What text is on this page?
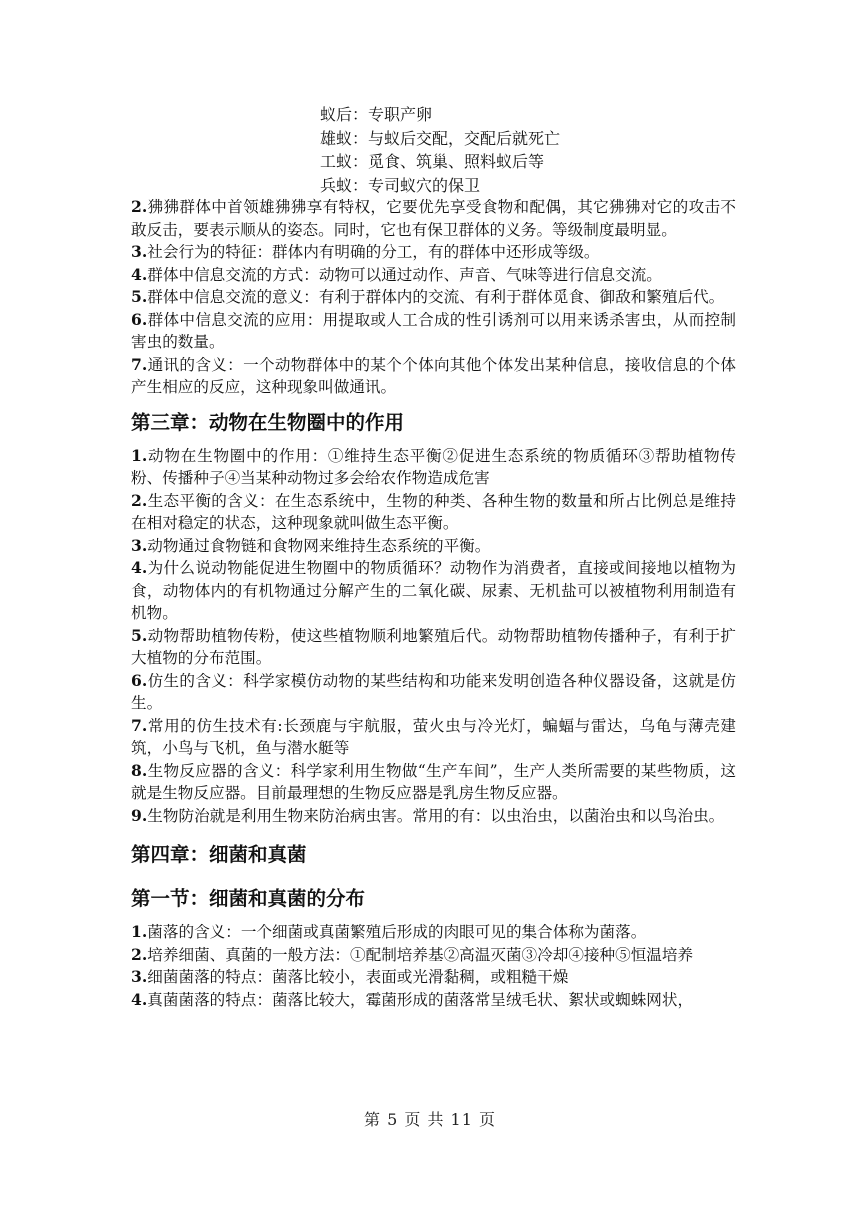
蚁后：专职产卵
雄蚁：与蚁后交配，交配后就死亡
工蚁：觅食、筑巢、照料蚁后等
兵蚁：专司蚁穴的保卫

2.狒狒群体中首领雄狒狒享有特权，它要优先享受食物和配偶，其它狒狒对它的攻击不敢反击，要表示顺从的姿态。同时，它也有保卫群体的义务。等级制度最明显。

3.社会行为的特征：群体内有明确的分工，有的群体中还形成等级。

4.群体中信息交流的方式：动物可以通过动作、声音、气味等进行信息交流。

5.群体中信息交流的意义：有利于群体内的交流、有利于群体觅食、御敌和繁殖后代。

6.群体中信息交流的应用：用提取或人工合成的性引诱剂可以用来诱杀害虫，从而控制害虫的数量。

7.通讯的含义：一个动物群体中的某个个体向其他个体发出某种信息，接收信息的个体产生相应的反应，这种现象叫做通讯。

第三章：动物在生物圈中的作用

1.动物在生物圈中的作用：①维持生态平衡②促进生态系统的物质循环③帮助植物传粉、传播种子④当某种动物过多会给农作物造成危害

2.生态平衡的含义：在生态系统中，生物的种类、各种生物的数量和所占比例总是维持在相对稳定的状态，这种现象就叫做生态平衡。

3.动物通过食物链和食物网来维持生态系统的平衡。

4.为什么说动物能促进生物圈中的物质循环？动物作为消费者，直接或间接地以植物为食，动物体内的有机物通过分解产生的二氧化碳、尿素、无机盐可以被植物利用制造有机物。

5.动物帮助植物传粉，使这些植物顺利地繁殖后代。动物帮助植物传播种子，有利于扩大植物的分布范围。

6.仿生的含义：科学家模仿动物的某些结构和功能来发明创造各种仪器设备，这就是仿生。

7.常用的仿生技术有:长颈鹿与宇航服，萤火虫与冷光灯，蝙蝠与雷达，乌龟与薄壳建筑，小鸟与飞机，鱼与潜水艇等

8.生物反应器的含义：科学家利用生物做“生产车间”，生产人类所需要的某些物质，这就是生物反应器。目前最理想的生物反应器是乳房生物反应器。

9.生物防治就是利用生物来防治病虫害。常用的有：以虫治虫，以菌治虫和以鸟治虫。

第四章：细菌和真菌
第一节：细菌和真菌的分布

1.菌落的含义：一个细菌或真菌繁殖后形成的肉眼可见的集合体称为菌落。

2.培养细菌、真菌的一般方法：①配制培养基②高温灭菌③冷却④接种⑤恒温培养

3.细菌菌落的特点：菌落比较小，表面或光滑黏稠，或粗糙干燥

4.真菌菌落的特点：菌落比较大，霉菌形成的菌落常呈绒毛状、絮状或蜘蛛网状，

第 5 页 共 11 页
